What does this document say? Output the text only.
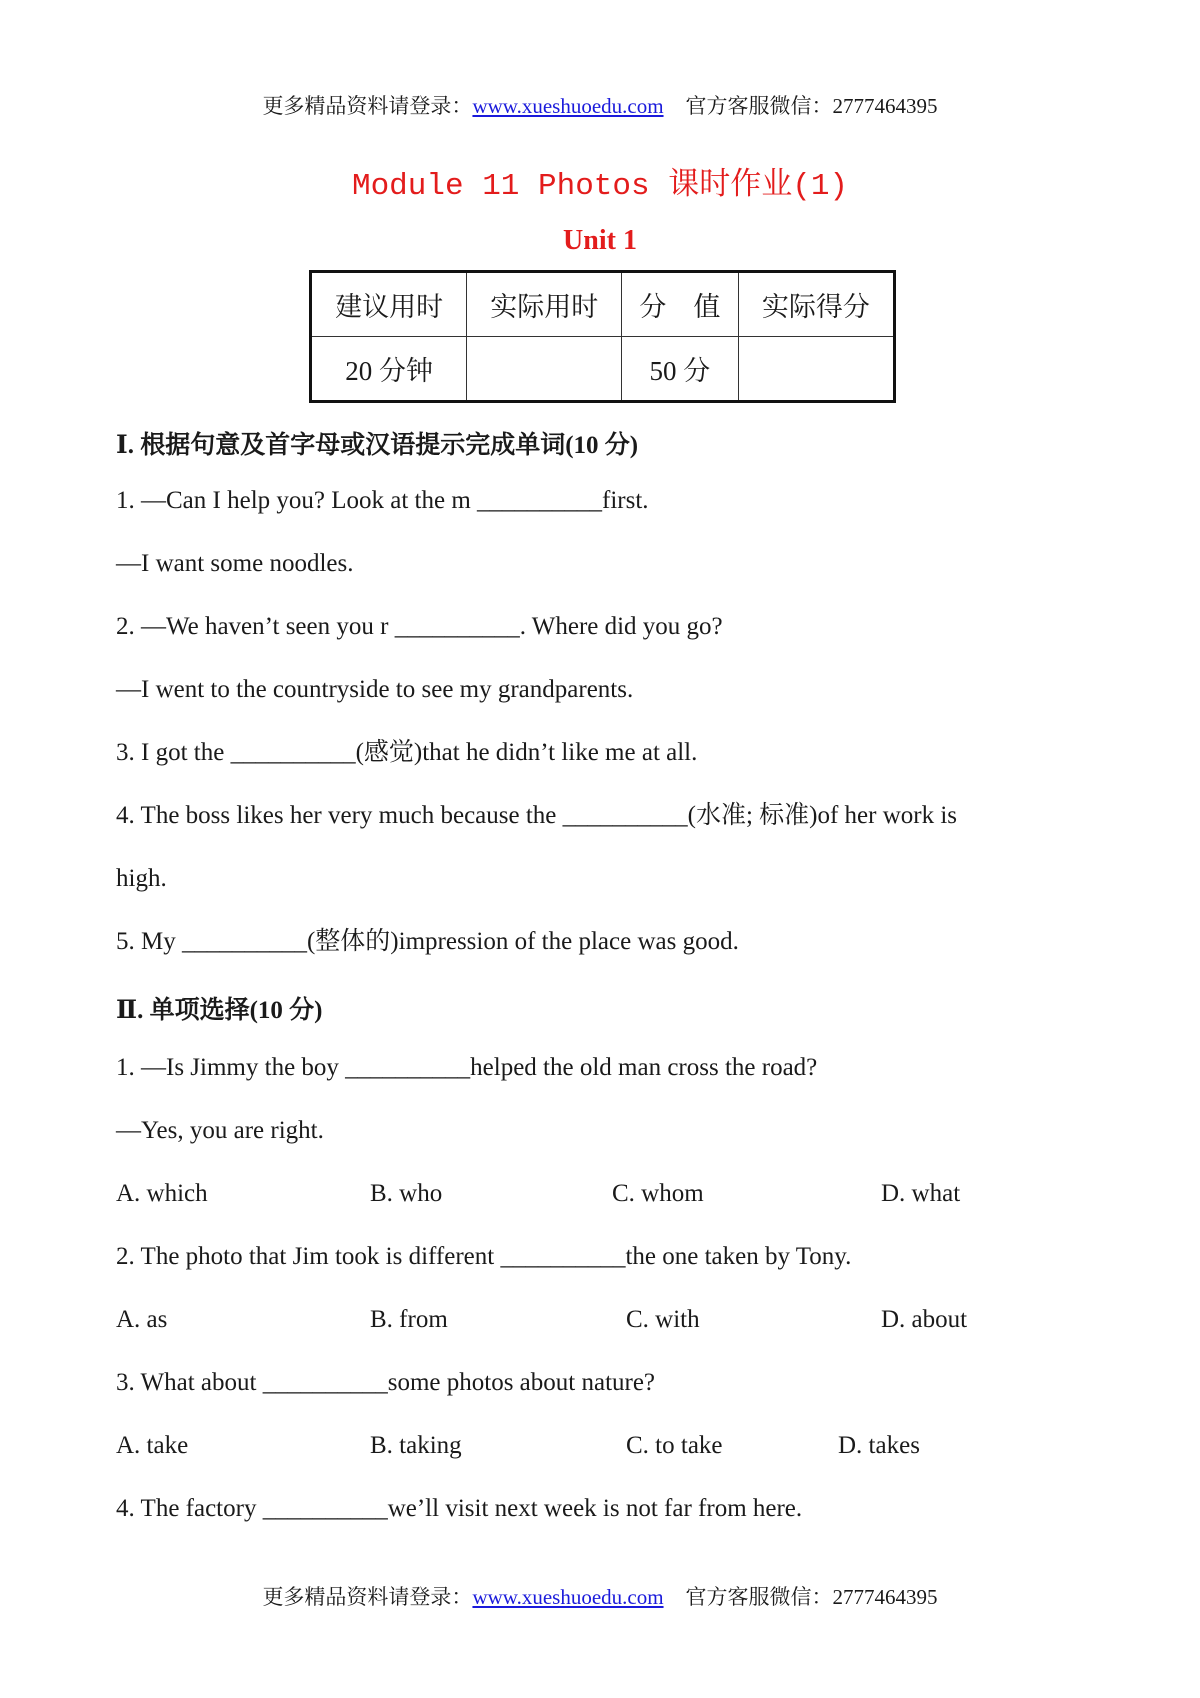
更多精品资料请登录：www.xueshuoedu.com 官方客服微信：2777464395
Module 11 Photos 课时作业(1)
Unit 1
建议用时	实际用时	分　值	实际得分
20 分钟		50 分	
Ⅰ. 根据句意及首字母或汉语提示完成单词(10 分)
1. —Can I help you? Look at the m __________first.
—I want some noodles.
2. —We haven’t seen you r __________. Where did you go?
—I went to the countryside to see my grandparents.
3. I got the __________(感觉)that he didn’t like me at all.
4. The boss likes her very much because the __________(水准; 标准)of her work is
high.
5. My __________(整体的)impression of the place was good.
Ⅱ. 单项选择(10 分)
1. —Is Jimmy the boy __________helped the old man cross the road?
—Yes, you are right.
A. which	B. who	C. whom	D. what
2. The photo that Jim took is different __________the one taken by Tony.
A. as	B. from	C. with	D. about
3. What about __________some photos about nature?
A. take	B. taking	C. to take	D. takes
4. The factory __________we’ll visit next week is not far from here.
更多精品资料请登录：www.xueshuoedu.com 官方客服微信：2777464395
